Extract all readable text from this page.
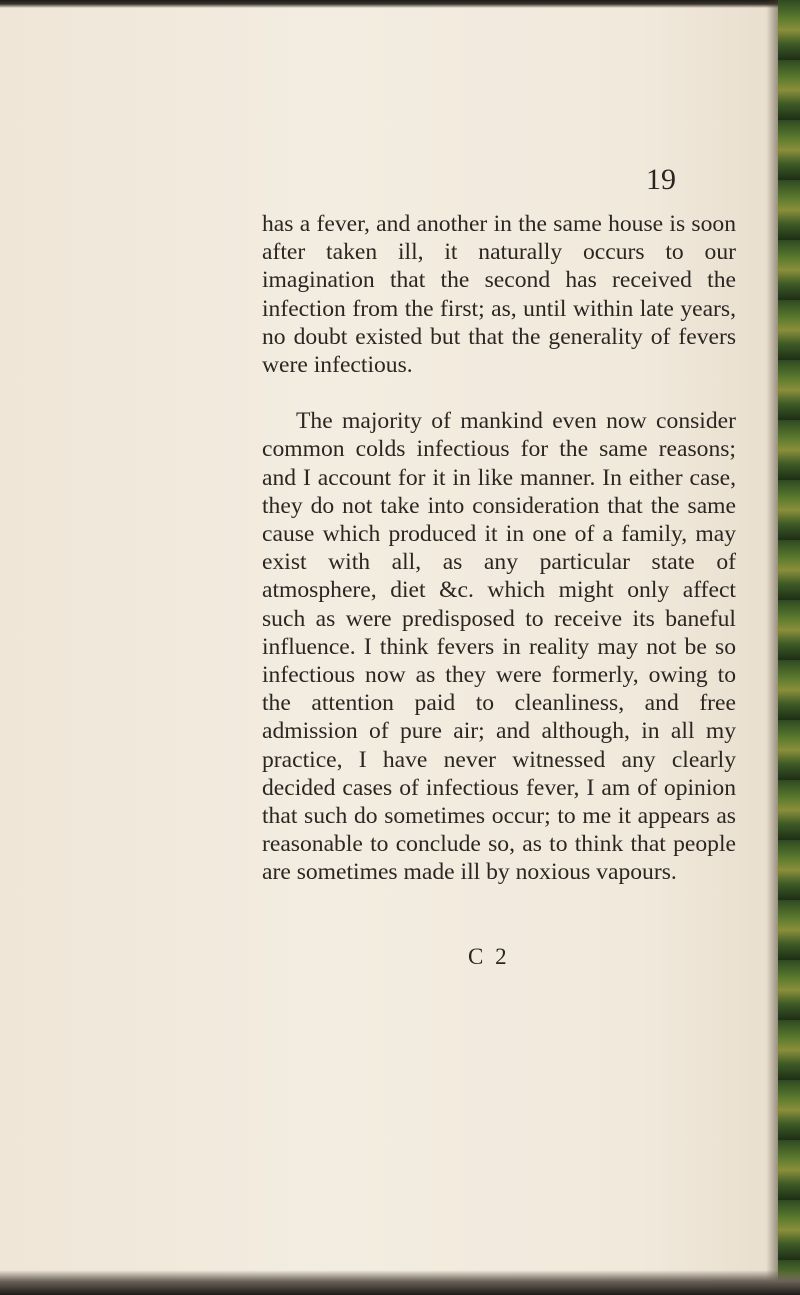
19

has a fever, and another in the same house is soon after taken ill, it naturally occurs to our imagination that the second has received the infection from the first; as, until within late years, no doubt existed but that the generality of fevers were infectious.

The majority of mankind even now consider common colds infectious for the same reasons; and I account for it in like manner. In either case, they do not take into consideration that the same cause which produced it in one of a family, may exist with all, as any particular state of atmosphere, diet &c. which might only affect such as were predisposed to receive its baneful influence. I think fevers in reality may not be so infectious now as they were formerly, owing to the attention paid to cleanliness, and free admission of pure air; and although, in all my practice, I have never witnessed any clearly decided cases of infectious fever, I am of opinion that such do sometimes occur; to me it appears as reasonable to conclude so, as to think that people are sometimes made ill by noxious vapours.

C 2
